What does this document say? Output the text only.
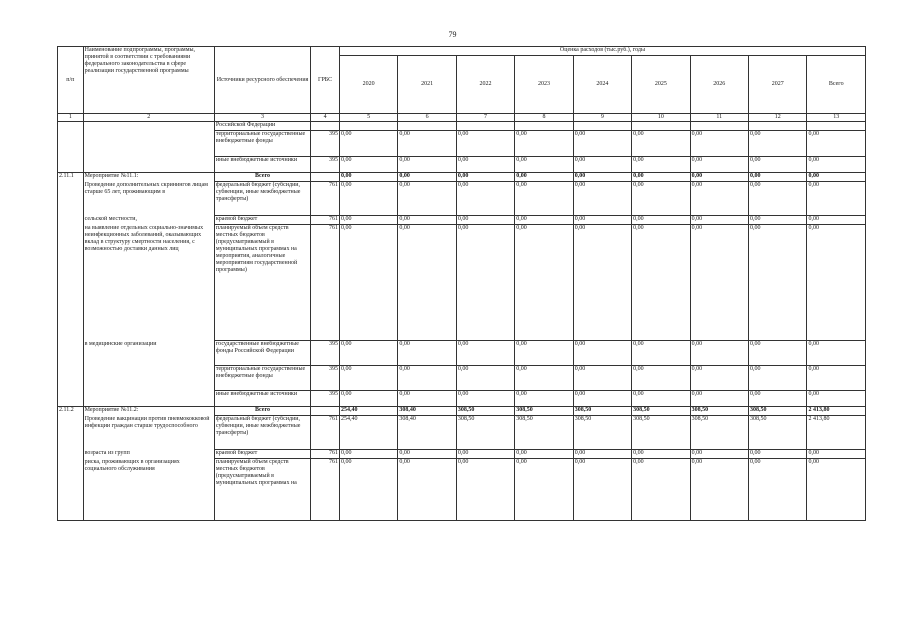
79
п/п	Наименование подпрограммы, программы, принятой в соответствии с требованиями федерального законодательства в сфере реализации государственной программы	Источники ресурсного обеспечения	ГРБС	Оценка расходов (тыс.руб.), годы								
				2020	2021	2022	2023	2024	2025	2026	2027	Всего
1	2	3	4	5	6	7	8	9	10	11	12	13
		Российской Федерации										
		территориальные государственные внебюджетные фонды	395	0,00	0,00	0,00	0,00	0,00	0,00	0,00	0,00	0,00
		иные внебюджетные источники	395	0,00	0,00	0,00	0,00	0,00	0,00	0,00	0,00	0,00
2.11.1	Мероприятие №11.1:	Всего		0,00	0,00	0,00	0,00	0,00	0,00	0,00	0,00	0,00
	Проведение дополнительных скринингов лицам старше 65 лет, проживающим в	федеральный бюджет (субсидии, субвенции, иные межбюджетные трансферты)	761	0,00	0,00	0,00	0,00	0,00	0,00	0,00	0,00	0,00
	сельской местности,	краевой бюджет	761	0,00	0,00	0,00	0,00	0,00	0,00	0,00	0,00	0,00
	на выявление отдельных социально-значимых неинфекционных заболеваний, оказывающих вклад в структуру смертности населения, с возможностью доставки данных лиц	планируемый объем средств местных бюджетов (предусматриваемый в муниципальных программах на мероприятия, аналогичные мероприятиям государственной программы)	761	0,00	0,00	0,00	0,00	0,00	0,00	0,00	0,00	0,00
	в медицинские организации	государственные внебюджетные фонды Российской Федерации	395	0,00	0,00	0,00	0,00	0,00	0,00	0,00	0,00	0,00
		территориальные государственные внебюджетные фонды	395	0,00	0,00	0,00	0,00	0,00	0,00	0,00	0,00	0,00
		иные внебюджетные источники	395	0,00	0,00	0,00	0,00	0,00	0,00	0,00	0,00	0,00
2.11.2	Мероприятие №11.2:	Всего		254,40	308,40	308,50	308,50	308,50	308,50	308,50	308,50	2 413,80
	Проведение вакцинации против пневмококковой инфекции граждан старше трудоспособного	федеральный бюджет (субсидии, субвенции, иные межбюджетные трансферты)	761	254,40	308,40	308,50	308,50	308,50	308,50	308,50	308,50	2 413,80
	возраста из групп	краевой бюджет	761	0,00	0,00	0,00	0,00	0,00	0,00	0,00	0,00	0,00
	риска, проживающих в организациях социального обслуживания	планируемый объем средств местных бюджетов (предусматриваемый в муниципальных программах на	761	0,00	0,00	0,00	0,00	0,00	0,00	0,00	0,00	0,00
